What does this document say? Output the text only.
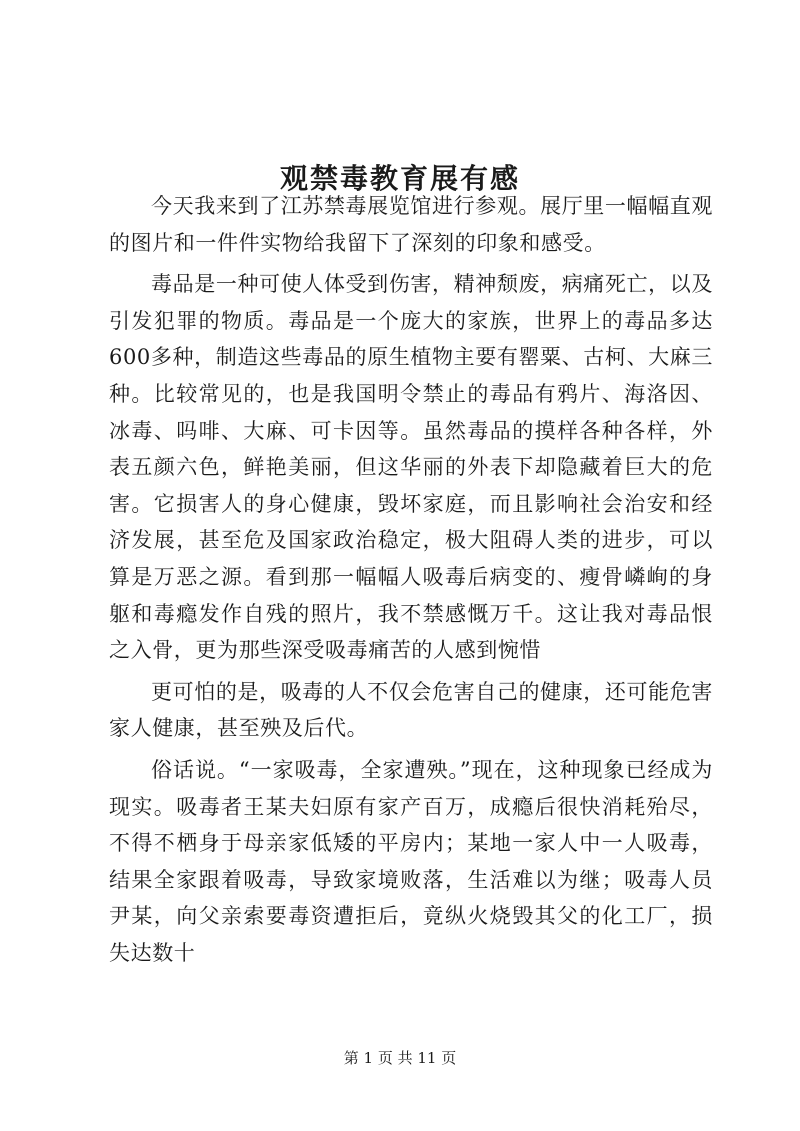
观禁毒教育展有感

今天我来到了江苏禁毒展览馆进行参观。展厅里一幅幅直观的图片和一件件实物给我留下了深刻的印象和感受。

毒品是一种可使人体受到伤害，精神颓废，病痛死亡，以及引发犯罪的物质。毒品是一个庞大的家族，世界上的毒品多达600多种，制造这些毒品的原生植物主要有罂粟、古柯、大麻三种。比较常见的，也是我国明令禁止的毒品有鸦片、海洛因、冰毒、吗啡、大麻、可卡因等。虽然毒品的摸样各种各样，外表五颜六色，鲜艳美丽，但这华丽的外表下却隐藏着巨大的危害。它损害人的身心健康，毁坏家庭，而且影响社会治安和经济发展，甚至危及国家政治稳定，极大阻碍人类的进步，可以算是万恶之源。看到那一幅幅人吸毒后病变的、瘦骨嶙峋的身躯和毒瘾发作自残的照片，我不禁感慨万千。这让我对毒品恨之入骨，更为那些深受吸毒痛苦的人感到惋惜

更可怕的是，吸毒的人不仅会危害自己的健康，还可能危害家人健康，甚至殃及后代。

俗话说。“一家吸毒，全家遭殃。”现在，这种现象已经成为现实。吸毒者王某夫妇原有家产百万，成瘾后很快消耗殆尽，不得不栖身于母亲家低矮的平房内；某地一家人中一人吸毒，结果全家跟着吸毒，导致家境败落，生活难以为继；吸毒人员尹某，向父亲索要毒资遭拒后，竟纵火烧毁其父的化工厂，损失达数十

第 1 页 共 11 页
